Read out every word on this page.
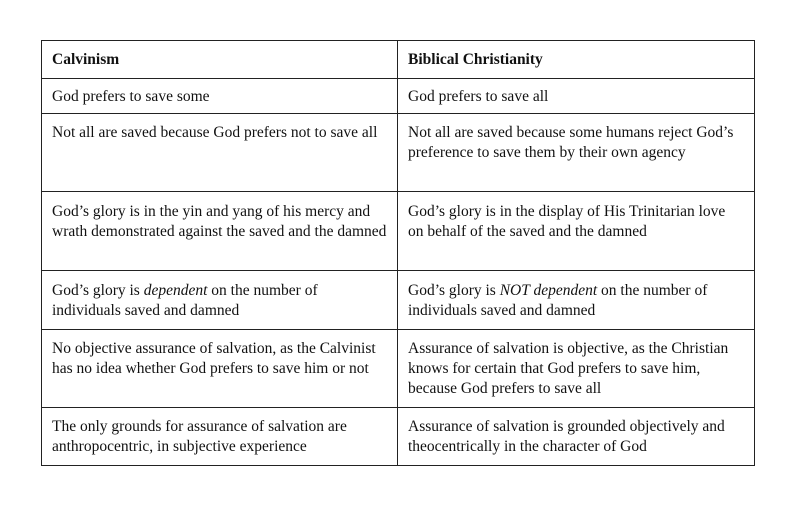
Calvinism	Biblical Christianity
God prefers to save some	God prefers to save all
Not all are saved because God prefers not to save all	Not all are saved because some humans reject God’s preference to save them by their own agency
God’s glory is in the yin and yang of his mercy and wrath demonstrated against the saved and the damned	God’s glory is in the display of His Trinitarian love on behalf of the saved and the damned
God’s glory is dependent on the number of individuals saved and damned	God’s glory is NOT dependent on the number of individuals saved and damned
No objective assurance of salvation, as the Calvinist has no idea whether God prefers to save him or not	Assurance of salvation is objective, as the Christian knows for certain that God prefers to save him, because God prefers to save all
The only grounds for assurance of salvation are anthropocentric, in subjective experience	Assurance of salvation is grounded objectively and theocentrically in the character of God
